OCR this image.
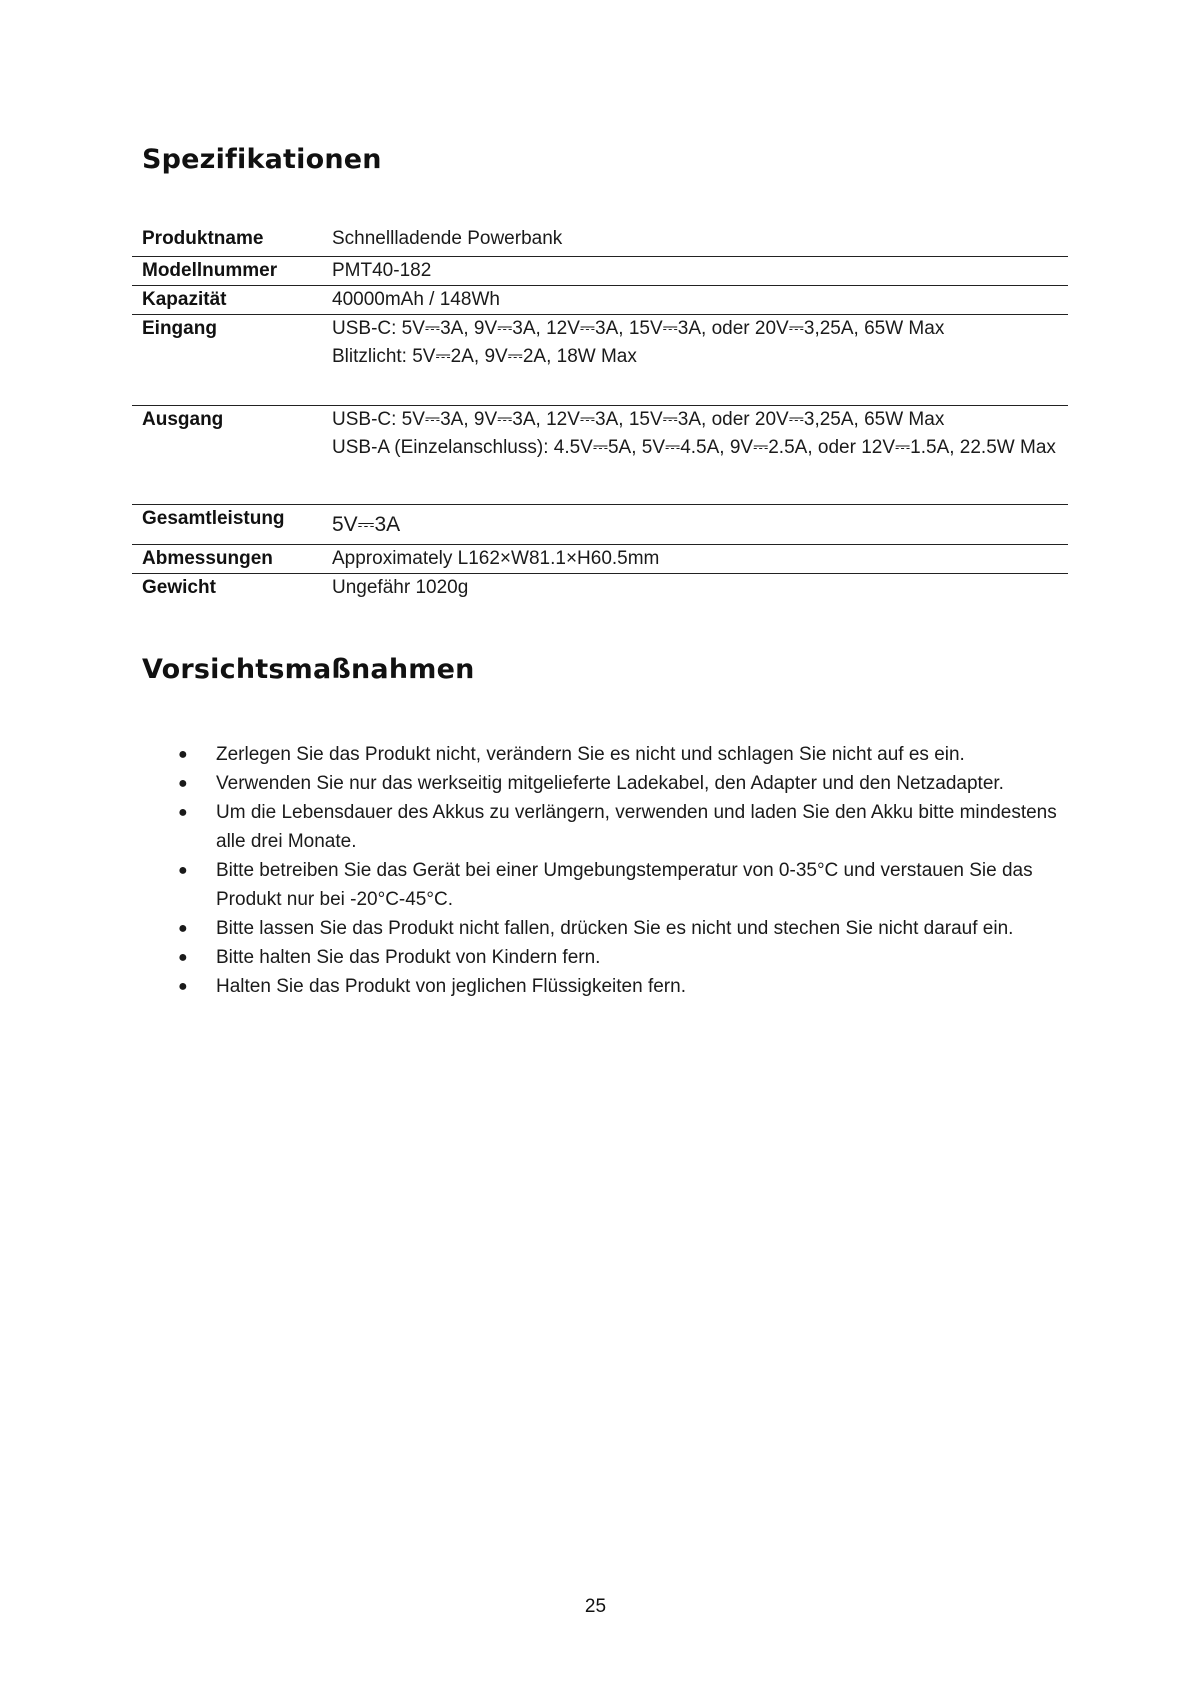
Spezifikationen
Produktname	Schnellladende Powerbank
Modellnummer	PMT40-182
Kapazität	40000mAh / 148Wh
Eingang	USB-C: 5V⎓3A, 9V⎓3A, 12V⎓3A, 15V⎓3A, oder 20V⎓3,25A, 65W Max
Blitzlicht: 5V⎓2A, 9V⎓2A, 18W Max
Ausgang	USB-C: 5V⎓3A, 9V⎓3A, 12V⎓3A, 15V⎓3A, oder 20V⎓3,25A, 65W Max
USB-A (Einzelanschluss): 4.5V⎓5A, 5V⎓4.5A, 9V⎓2.5A, oder 12V⎓1.5A, 22.5W Max
Gesamtleistung	5V⎓3A
Abmessungen	Approximately L162×W81.1×H60.5mm
Gewicht	Ungefähr 1020g
Vorsichtsmaßnahmen
● Zerlegen Sie das Produkt nicht, verändern Sie es nicht und schlagen Sie nicht auf es ein.
● Verwenden Sie nur das werkseitig mitgelieferte Ladekabel, den Adapter und den Netzadapter.
● Um die Lebensdauer des Akkus zu verlängern, verwenden und laden Sie den Akku bitte mindestens alle drei Monate.
● Bitte betreiben Sie das Gerät bei einer Umgebungstemperatur von 0-35°C und verstauen Sie das Produkt nur bei -20°C-45°C.
● Bitte lassen Sie das Produkt nicht fallen, drücken Sie es nicht und stechen Sie nicht darauf ein.
● Bitte halten Sie das Produkt von Kindern fern.
● Halten Sie das Produkt von jeglichen Flüssigkeiten fern.
25
